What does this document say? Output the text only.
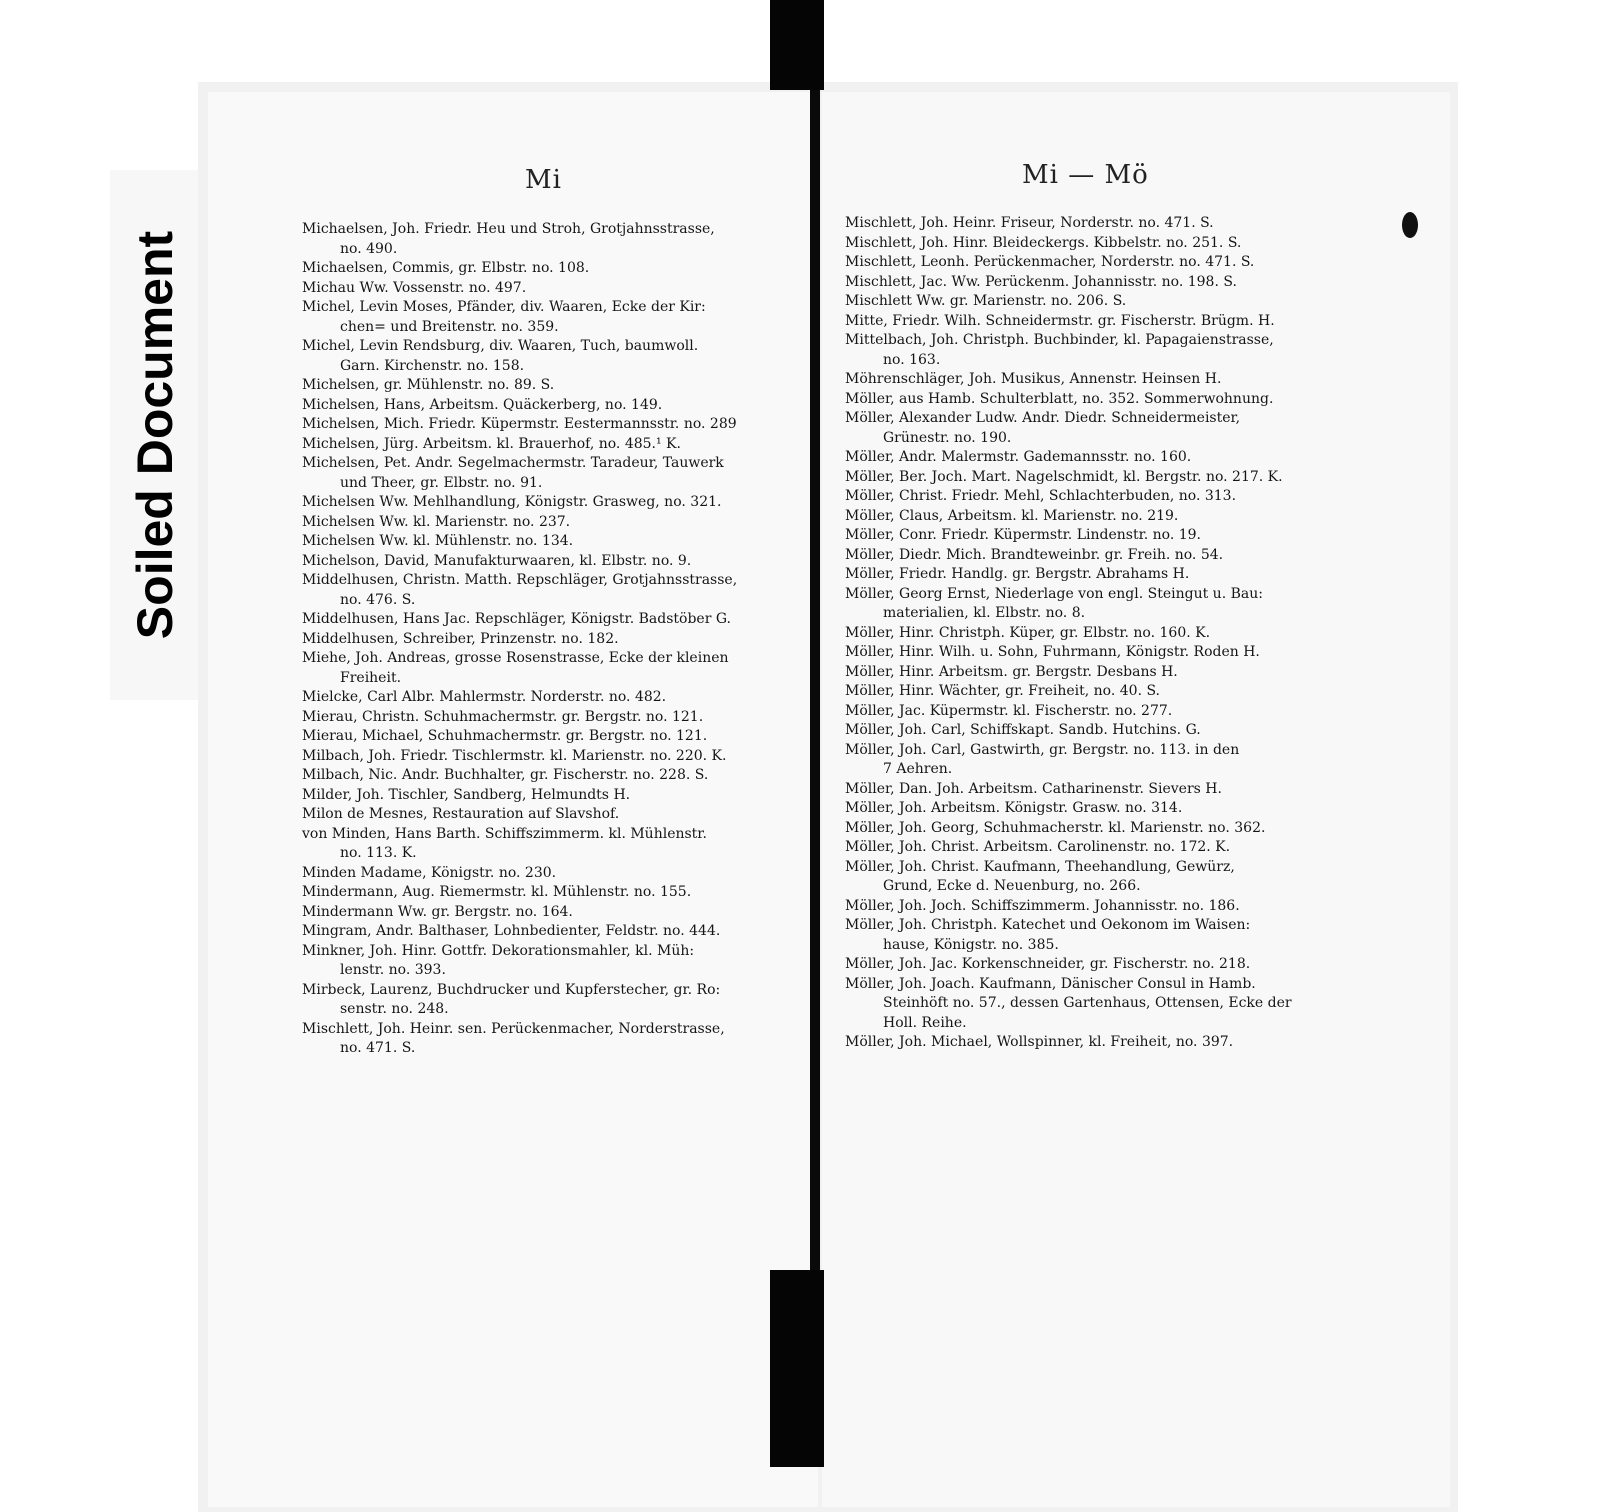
Soiled Document
Mi	Mi — Mö
Michaelsen, Joh. Friedr. Heu und Stroh, Grotjahnsstrasse,
no. 490.
Michaelsen, Commis, gr. Elbstr. no. 108.
Michau Ww. Vossenstr. no. 497.
Michel, Levin Moses, Pfänder, div. Waaren, Ecke der Kir:
chen= und Breitenstr. no. 359.
Michel, Levin Rendsburg, div. Waaren, Tuch, baumwoll.
Garn. Kirchenstr. no. 158.
Michelsen, gr. Mühlenstr. no. 89. S.
Michelsen, Hans, Arbeitsm. Quäckerberg, no. 149.
Michelsen, Mich. Friedr. Küpermstr. Eestermannsstr. no. 289
Michelsen, Jürg. Arbeitsm. kl. Brauerhof, no. 485.¹ K.
Michelsen, Pet. Andr. Segelmachermstr. Taradeur, Tauwerk
und Theer, gr. Elbstr. no. 91.
Michelsen Ww. Mehlhandlung, Königstr. Grasweg, no. 321.
Michelsen Ww. kl. Marienstr. no. 237.
Michelsen Ww. kl. Mühlenstr. no. 134.
Michelson, David, Manufakturwaaren, kl. Elbstr. no. 9.
Middelhusen, Christn. Matth. Repschläger, Grotjahnsstrasse,
no. 476. S.
Middelhusen, Hans Jac. Repschläger, Königstr. Badstöber G.
Middelhusen, Schreiber, Prinzenstr. no. 182.
Miehe, Joh. Andreas, grosse Rosenstrasse, Ecke der kleinen
Freiheit.
Mielcke, Carl Albr. Mahlermstr. Norderstr. no. 482.
Mierau, Christn. Schuhmachermstr. gr. Bergstr. no. 121.
Mierau, Michael, Schuhmachermstr. gr. Bergstr. no. 121.
Milbach, Joh. Friedr. Tischlermstr. kl. Marienstr. no. 220. K.
Milbach, Nic. Andr. Buchhalter, gr. Fischerstr. no. 228. S.
Milder, Joh. Tischler, Sandberg, Helmundts H.
Milon de Mesnes, Restauration auf Slavshof.
von Minden, Hans Barth. Schiffszimmerm. kl. Mühlenstr.
no. 113. K.
Minden Madame, Königstr. no. 230.
Mindermann, Aug. Riemermstr. kl. Mühlenstr. no. 155.
Mindermann Ww. gr. Bergstr. no. 164.
Mingram, Andr. Balthaser, Lohnbedienter, Feldstr. no. 444.
Minkner, Joh. Hinr. Gottfr. Dekorationsmahler, kl. Müh:
lenstr. no. 393.
Mirbeck, Laurenz, Buchdrucker und Kupferstecher, gr. Ro:
senstr. no. 248.
Mischlett, Joh. Heinr. sen. Perückenmacher, Norderstrasse,
no. 471. S.
Mischlett, Joh. Heinr. Friseur, Norderstr. no. 471. S.
Mischlett, Joh. Hinr. Bleideckergs. Kibbelstr. no. 251. S.
Mischlett, Leonh. Perückenmacher, Norderstr. no. 471. S.
Mischlett, Jac. Ww. Perückenm. Johannisstr. no. 198. S.
Mischlett Ww. gr. Marienstr. no. 206. S.
Mitte, Friedr. Wilh. Schneidermstr. gr. Fischerstr. Brügm. H.
Mittelbach, Joh. Christph. Buchbinder, kl. Papagaienstrasse,
no. 163.
Möhrenschläger, Joh. Musikus, Annenstr. Heinsen H.
Möller, aus Hamb. Schulterblatt, no. 352. Sommerwohnung.
Möller, Alexander Ludw. Andr. Diedr. Schneidermeister,
Grünestr. no. 190.
Möller, Andr. Malermstr. Gademannsstr. no. 160.
Möller, Ber. Joch. Mart. Nagelschmidt, kl. Bergstr. no. 217. K.
Möller, Christ. Friedr. Mehl, Schlachterbuden, no. 313.
Möller, Claus, Arbeitsm. kl. Marienstr. no. 219.
Möller, Conr. Friedr. Küpermstr. Lindenstr. no. 19.
Möller, Diedr. Mich. Brandteweinbr. gr. Freih. no. 54.
Möller, Friedr. Handlg. gr. Bergstr. Abrahams H.
Möller, Georg Ernst, Niederlage von engl. Steingut u. Bau:
materialien, kl. Elbstr. no. 8.
Möller, Hinr. Christph. Küper, gr. Elbstr. no. 160. K.
Möller, Hinr. Wilh. u. Sohn, Fuhrmann, Königstr. Roden H.
Möller, Hinr. Arbeitsm. gr. Bergstr. Desbans H.
Möller, Hinr. Wächter, gr. Freiheit, no. 40. S.
Möller, Jac. Küpermstr. kl. Fischerstr. no. 277.
Möller, Joh. Carl, Schiffskapt. Sandb. Hutchins. G.
Möller, Joh. Carl, Gastwirth, gr. Bergstr. no. 113. in den
7 Aehren.
Möller, Dan. Joh. Arbeitsm. Catharinenstr. Sievers H.
Möller, Joh. Arbeitsm. Königstr. Grasw. no. 314.
Möller, Joh. Georg, Schuhmacherstr. kl. Marienstr. no. 362.
Möller, Joh. Christ. Arbeitsm. Carolinenstr. no. 172. K.
Möller, Joh. Christ. Kaufmann, Theehandlung, Gewürz,
Grund, Ecke d. Neuenburg, no. 266.
Möller, Joh. Joch. Schiffszimmerm. Johannisstr. no. 186.
Möller, Joh. Christph. Katechet und Oekonom im Waisen:
hause, Königstr. no. 385.
Möller, Joh. Jac. Korkenschneider, gr. Fischerstr. no. 218.
Möller, Joh. Joach. Kaufmann, Dänischer Consul in Hamb.
Steinhöft no. 57., dessen Gartenhaus, Ottensen, Ecke der
Holl. Reihe.
Möller, Joh. Michael, Wollspinner, kl. Freiheit, no. 397.
